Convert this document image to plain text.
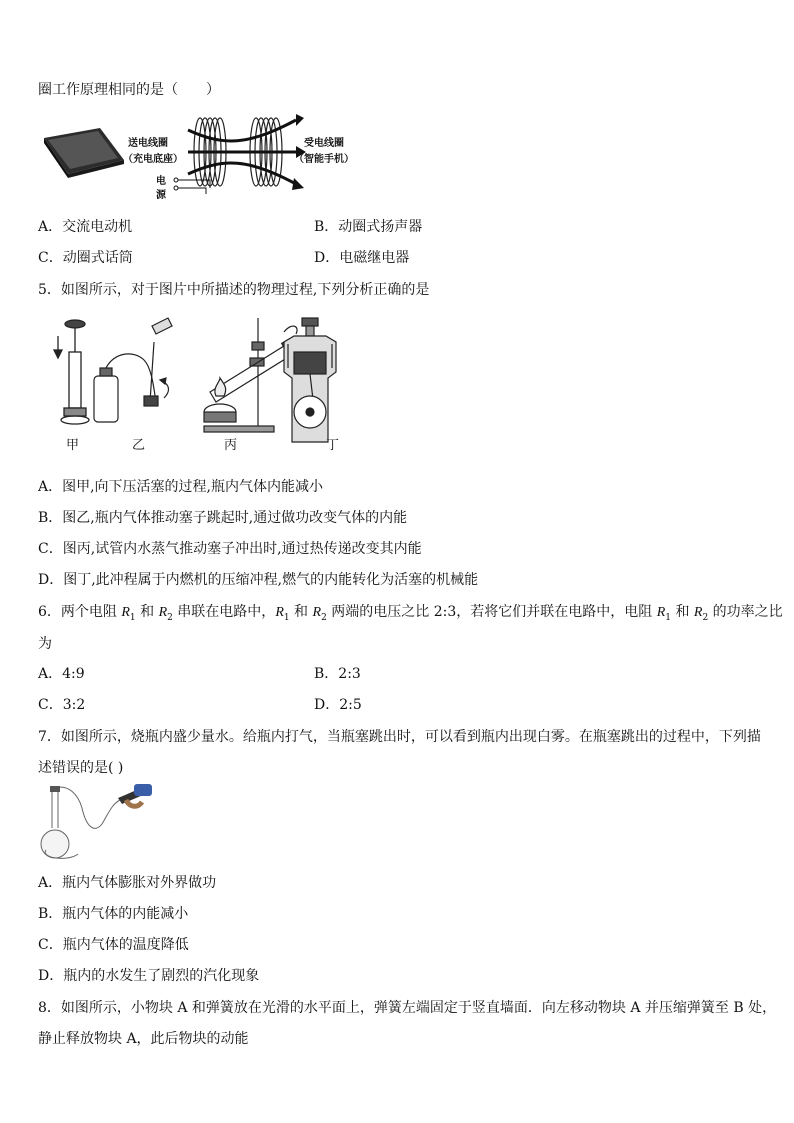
圈工作原理相同的是（　　）
送电线圈
（充电底座）
受电线圈
（智能手机）
电
源
A．交流电动机	B．动圈式扬声器
C．动圈式话筒	D．电磁继电器
5．如图所示，对于图片中所描述的物理过程,下列分析正确的是
甲	乙	丙	丁
A．图甲,向下压活塞的过程,瓶内气体内能减小
B．图乙,瓶内气体推动塞子跳起时,通过做功改变气体的内能
C．图丙,试管内水蒸气推动塞子冲出时,通过热传递改变其内能
D．图丁,此冲程属于内燃机的压缩冲程,燃气的内能转化为活塞的机械能
6．两个电阻 $R_1$ 和 $R_2$ 串联在电路中，$R_1$ 和 $R_2$ 两端的电压之比 2:3，若将它们并联在电路中，电阻 $R_1$ 和 $R_2$ 的功率之比
为
A．4:9	B．2:3
C．3:2	D．2:5
7．如图所示，烧瓶内盛少量水。给瓶内打气，当瓶塞跳出时，可以看到瓶内出现白雾。在瓶塞跳出的过程中，下列描
述错误的是( )
A．瓶内气体膨胀对外界做功
B．瓶内气体的内能减小
C．瓶内气体的温度降低
D．瓶内的水发生了剧烈的汽化现象
8．如图所示，小物块 A 和弹簧放在光滑的水平面上，弹簧左端固定于竖直墙面．向左移动物块 A 并压缩弹簧至 B 处，
静止释放物块 A，此后物块的动能
